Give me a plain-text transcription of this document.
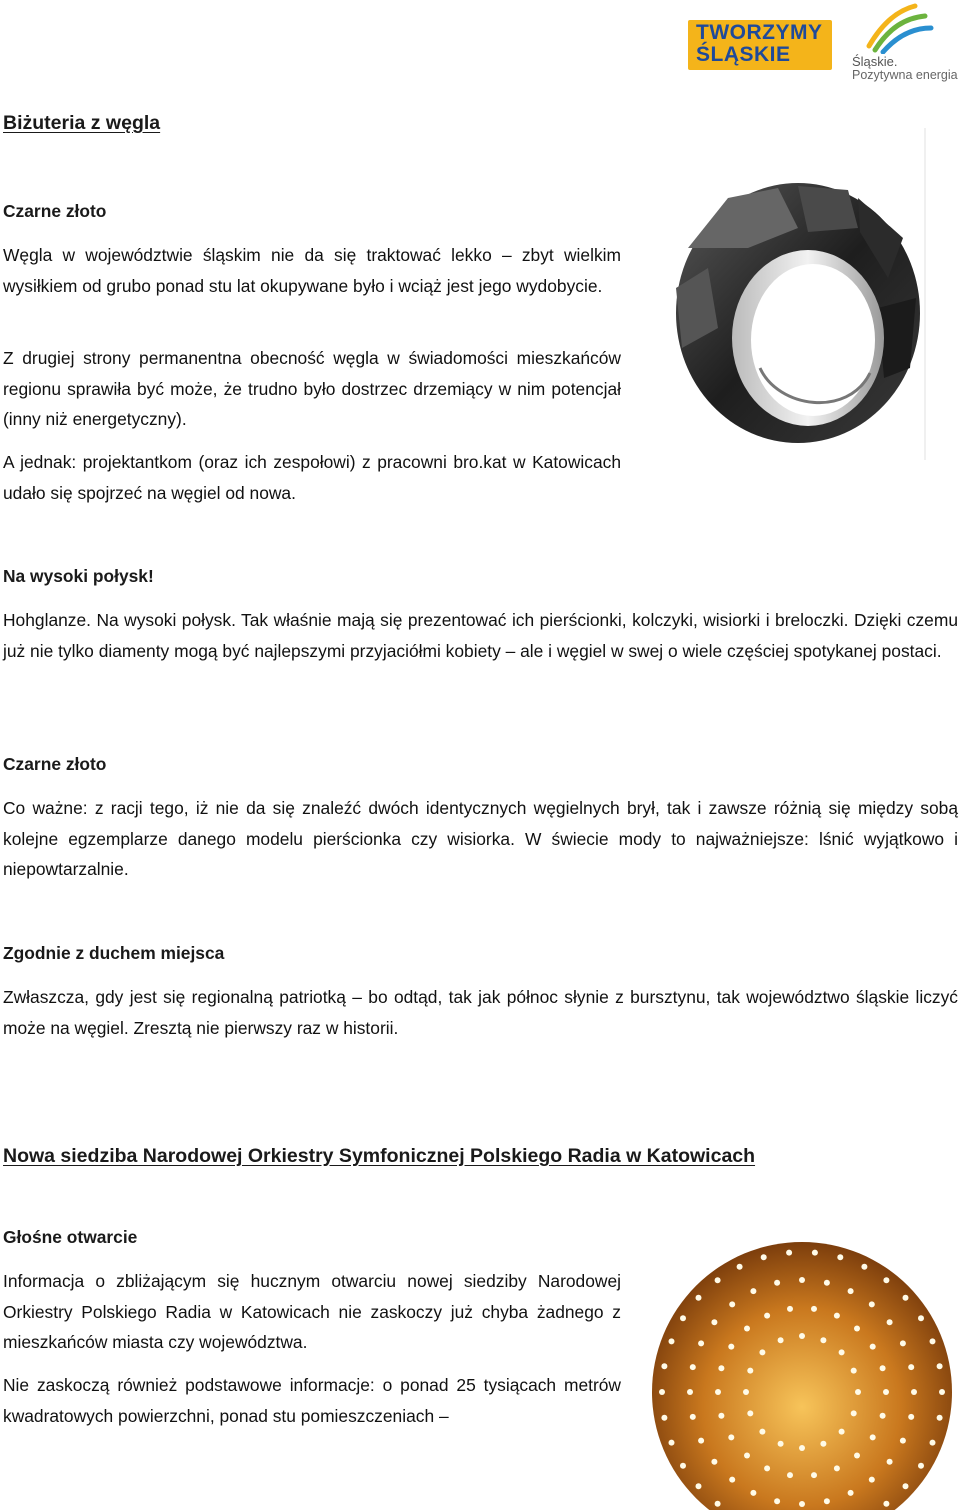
TWORZYMY
ŚLĄSKIE	Śląskie.
Pozytywna energia
Biżuteria z węgla
Czarne złoto

Węgla w województwie śląskim nie da się traktować lekko – zbyt wielkim wysiłkiem od grubo ponad stu lat okupywane było i wciąż jest jego wydobycie.

Z drugiej strony permanentna obecność węgla w świadomości mieszkańców regionu sprawiła być może, że trudno było dostrzec drzemiący w nim potencjał (inny niż energetyczny).

A jednak: projektantkom (oraz ich zespołowi) z pracowni bro.kat w Katowicach udało się spojrzeć na węgiel od nowa.

Na wysoki połysk!

Hohglanze. Na wysoki połysk. Tak właśnie mają się prezentować ich pierścionki, kolczyki, wisiorki i breloczki. Dzięki czemu już nie tylko diamenty mogą być najlepszymi przyjaciółmi kobiety – ale i węgiel w swej o wiele częściej spotykanej postaci.

Czarne złoto

Co ważne: z racji tego, iż nie da się znaleźć dwóch identycznych węgielnych brył, tak i zawsze różnią się między sobą kolejne egzemplarze danego modelu pierścionka czy wisiorka. W świecie mody to najważniejsze: lśnić wyjątkowo i niepowtarzalnie.

Zgodnie z duchem miejsca

Zwłaszcza, gdy jest się regionalną patriotką – bo odtąd, tak jak północ słynie z bursztynu, tak województwo śląskie liczyć może na węgiel. Zresztą nie pierwszy raz w historii.

Nowa siedziba Narodowej Orkiestry Symfonicznej Polskiego Radia w Katowicach
Głośne otwarcie

Informacja o zbliżającym się hucznym otwarciu nowej siedziby Narodowej Orkiestry Polskiego Radia w Katowicach nie zaskoczy już chyba żadnego z mieszkańców miasta czy województwa.

Nie zaskoczą również podstawowe informacje: o ponad 25 tysiącach metrów kwadratowych powierzchni, ponad stu pomieszczeniach –
